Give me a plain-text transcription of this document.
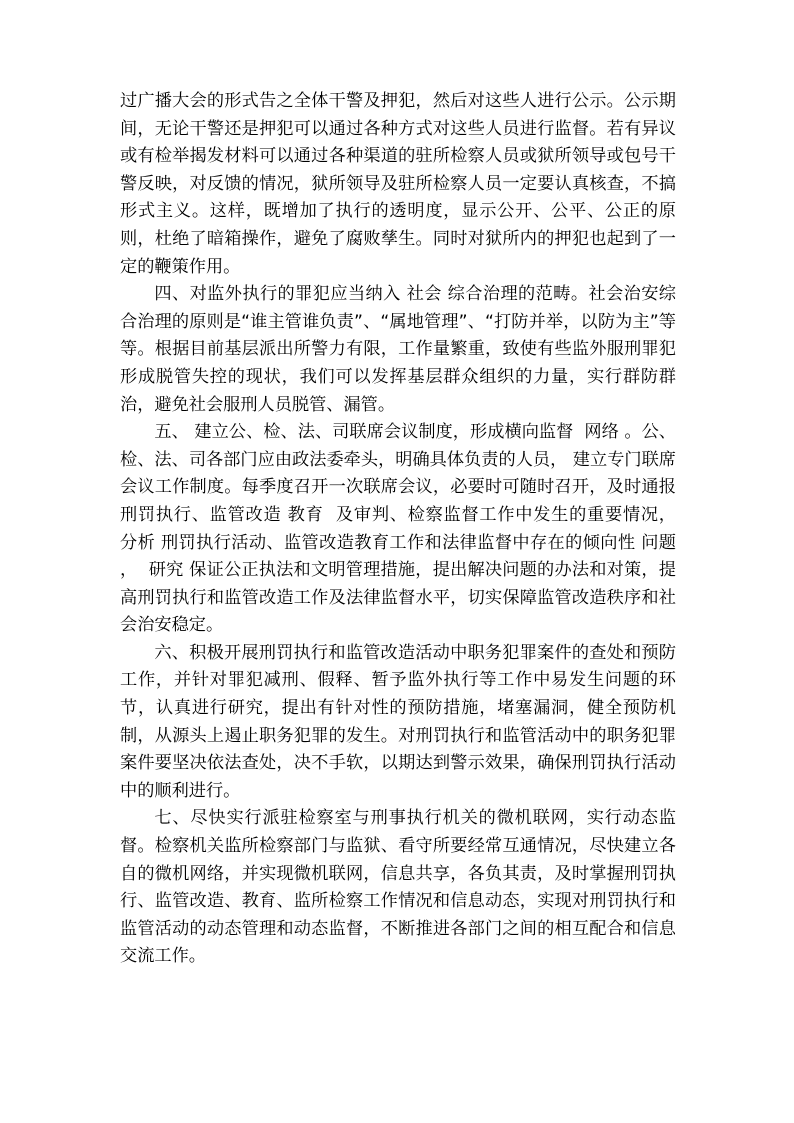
过广播大会的形式告之全体干警及押犯，然后对这些人进行公示。公示期间，无论干警还是押犯可以通过各种方式对这些人员进行监督。若有异议或有检举揭发材料可以通过各种渠道的驻所检察人员或狱所领导或包号干警反映，对反馈的情况，狱所领导及驻所检察人员一定要认真核查，不搞形式主义。这样，既增加了执行的透明度，显示公开、公平、公正的原则，杜绝了暗箱操作，避免了腐败孳生。同时对狱所内的押犯也起到了一定的鞭策作用。

四、对监外执行的罪犯应当纳入 社会 综合治理的范畴。社会治安综合治理的原则是“谁主管谁负责”、“属地管理”、“打防并举，以防为主”等等。根据目前基层派出所警力有限，工作量繁重，致使有些监外服刑罪犯形成脱管失控的现状，我们可以发挥基层群众组织的力量，实行群防群治，避免社会服刑人员脱管、漏管。

五、 建立公、检、法、司联席会议制度，形成横向监督  网络 。公、检、法、司各部门应由政法委牵头，明确具体负责的人员， 建立专门联席会议工作制度。每季度召开一次联席会议，必要时可随时召开，及时通报刑罚执行、监管改造 教育  及审判、检察监督工作中发生的重要情况，  分析 刑罚执行活动、监管改造教育工作和法律监督中存在的倾向性 问题 ，  研究 保证公正执法和文明管理措施，提出解决问题的办法和对策，提高刑罚执行和监管改造工作及法律监督水平，切实保障监管改造秩序和社会治安稳定。

六、积极开展刑罚执行和监管改造活动中职务犯罪案件的查处和预防工作，并针对罪犯减刑、假释、暂予监外执行等工作中易发生问题的环节，认真进行研究，提出有针对性的预防措施，堵塞漏洞，健全预防机制，从源头上遏止职务犯罪的发生。对刑罚执行和监管活动中的职务犯罪案件要坚决依法查处，决不手软，以期达到警示效果，确保刑罚执行活动中的顺利进行。

七、尽快实行派驻检察室与刑事执行机关的微机联网，实行动态监督。检察机关监所检察部门与监狱、看守所要经常互通情况，尽快建立各自的微机网络，并实现微机联网，信息共享，各负其责，及时掌握刑罚执行、监管改造、教育、监所检察工作情况和信息动态，实现对刑罚执行和监管活动的动态管理和动态监督，不断推进各部门之间的相互配合和信息交流工作。
